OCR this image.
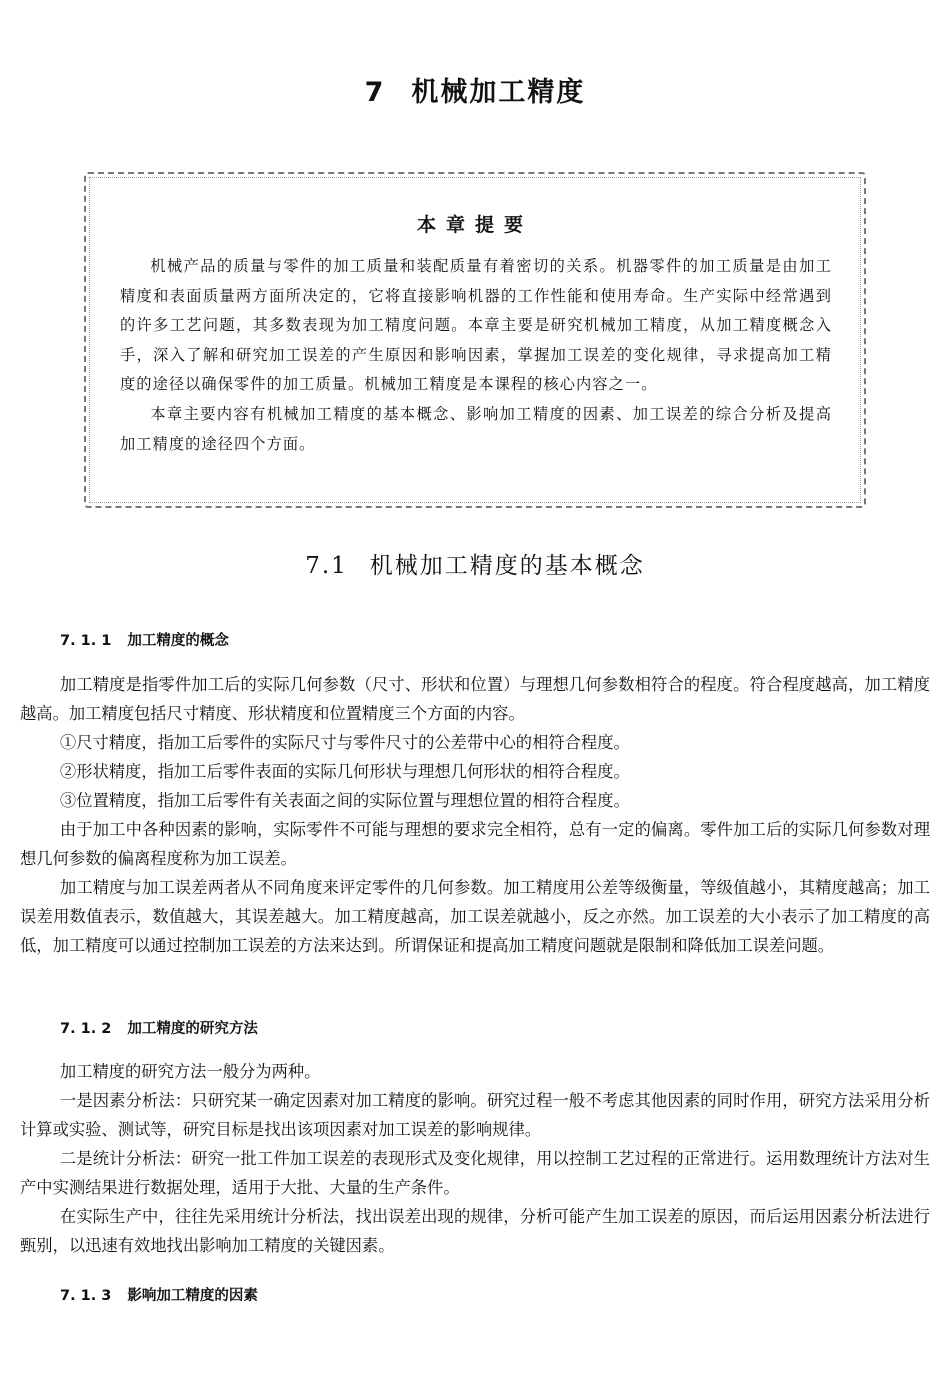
7 机械加工精度
本章提要

机械产品的质量与零件的加工质量和装配质量有着密切的关系。机器零件的加工质量是由加工精度和表面质量两方面所决定的，它将直接影响机器的工作性能和使用寿命。生产实际中经常遇到的许多工艺问题，其多数表现为加工精度问题。本章主要是研究机械加工精度，从加工精度概念入手，深入了解和研究加工误差的产生原因和影响因素，掌握加工误差的变化规律，寻求提高加工精度的途径以确保零件的加工质量。机械加工精度是本课程的核心内容之一。

本章主要内容有机械加工精度的基本概念、影响加工精度的因素、加工误差的综合分析及提高加工精度的途径四个方面。

7.1 机械加工精度的基本概念
7. 1. 1 加工精度的概念

加工精度是指零件加工后的实际几何参数（尺寸、形状和位置）与理想几何参数相符合的程度。符合程度越高，加工精度越高。加工精度包括尺寸精度、形状精度和位置精度三个方面的内容。

①尺寸精度，指加工后零件的实际尺寸与零件尺寸的公差带中心的相符合程度。

②形状精度，指加工后零件表面的实际几何形状与理想几何形状的相符合程度。

③位置精度，指加工后零件有关表面之间的实际位置与理想位置的相符合程度。

由于加工中各种因素的影响，实际零件不可能与理想的要求完全相符，总有一定的偏离。零件加工后的实际几何参数对理想几何参数的偏离程度称为加工误差。

加工精度与加工误差两者从不同角度来评定零件的几何参数。加工精度用公差等级衡量，等级值越小，其精度越高；加工误差用数值表示，数值越大，其误差越大。加工精度越高，加工误差就越小，反之亦然。加工误差的大小表示了加工精度的高低，加工精度可以通过控制加工误差的方法来达到。所谓保证和提高加工精度问题就是限制和降低加工误差问题。

7. 1. 2 加工精度的研究方法

加工精度的研究方法一般分为两种。

一是因素分析法：只研究某一确定因素对加工精度的影响。研究过程一般不考虑其他因素的同时作用，研究方法采用分析计算或实验、测试等，研究目标是找出该项因素对加工误差的影响规律。

二是统计分析法：研究一批工件加工误差的表现形式及变化规律，用以控制工艺过程的正常进行。运用数理统计方法对生产中实测结果进行数据处理，适用于大批、大量的生产条件。

在实际生产中，往往先采用统计分析法，找出误差出现的规律，分析可能产生加工误差的原因，而后运用因素分析法进行甄别，以迅速有效地找出影响加工精度的关键因素。

7. 1. 3 影响加工精度的因素
